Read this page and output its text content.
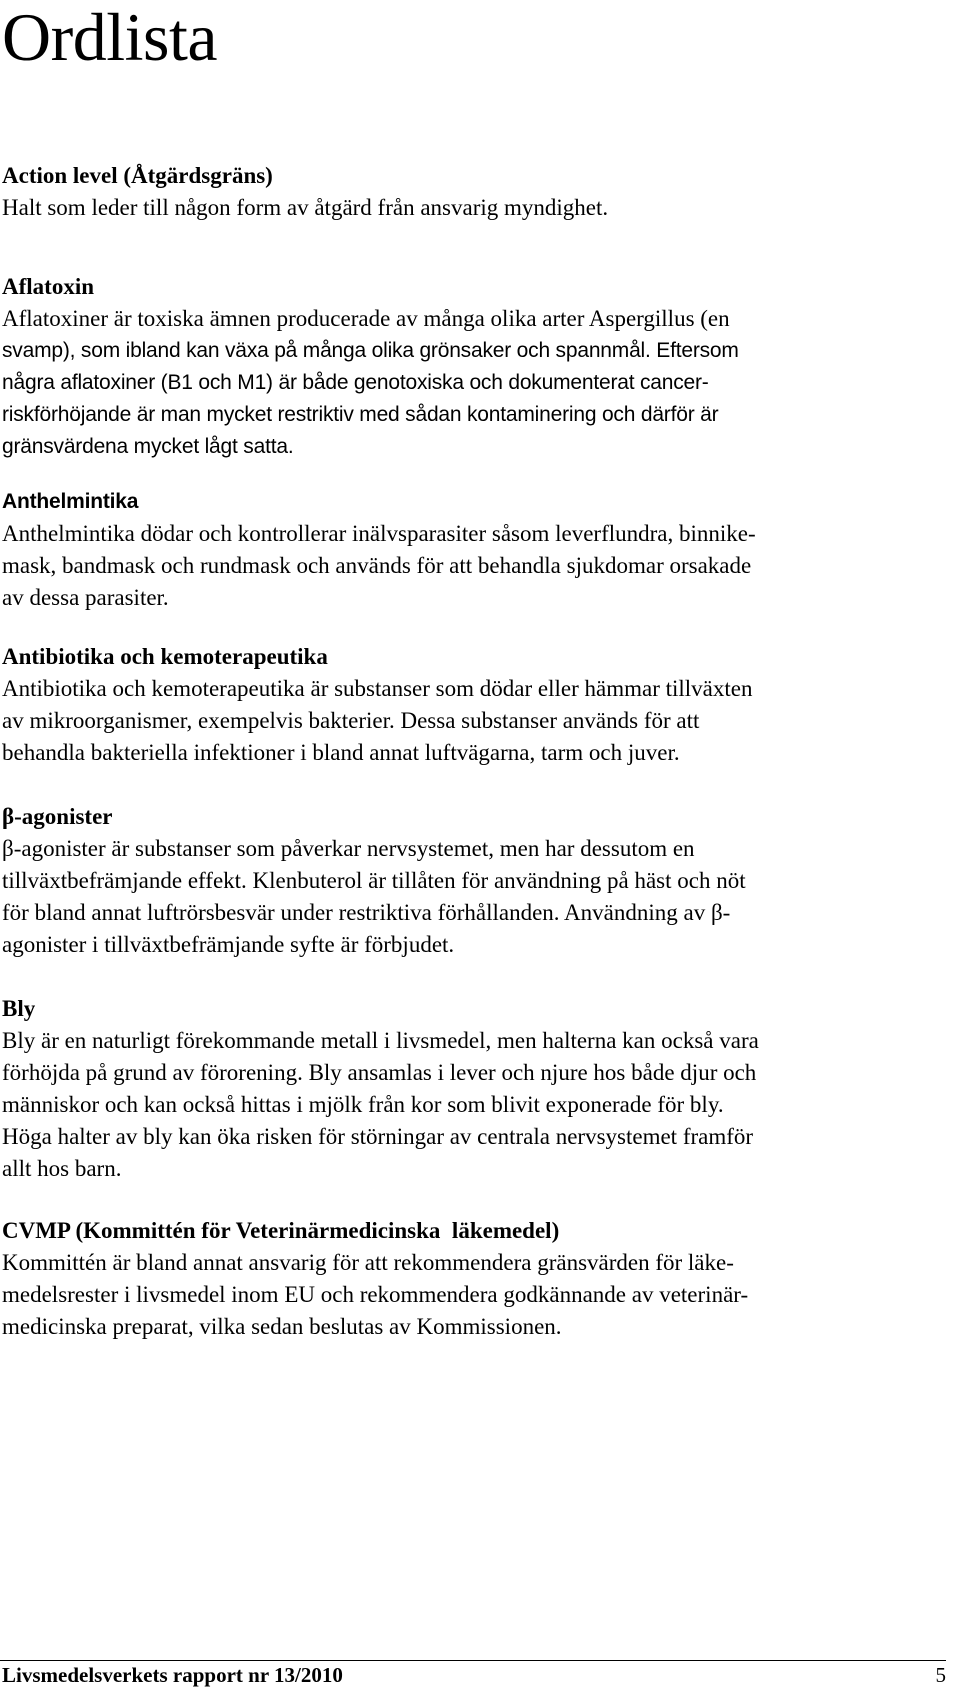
Ordlista
Action level (Åtgärdsgräns)
Halt som leder till någon form av åtgärd från ansvarig myndighet.
Aflatoxin
Aflatoxiner är toxiska ämnen producerade av många olika arter Aspergillus (en
svamp), som ibland kan växa på många olika grönsaker och spannmål. Eftersom
några aflatoxiner (B1 och M1) är både genotoxiska och dokumenterat cancer-
riskförhöjande är man mycket restriktiv med sådan kontaminering och därför är
gränsvärdena mycket lågt satta.
Anthelmintika
Anthelmintika dödar och kontrollerar inälvsparasiter såsom leverflundra, binnike-
mask, bandmask och rundmask och används för att behandla sjukdomar orsakade
av dessa parasiter.
Antibiotika och kemoterapeutika
Antibiotika och kemoterapeutika är substanser som dödar eller hämmar tillväxten
av mikroorganismer, exempelvis bakterier. Dessa substanser används för att
behandla bakteriella infektioner i bland annat luftvägarna, tarm och juver.
β-agonister
β-agonister är substanser som påverkar nervsystemet, men har dessutom en
tillväxtbefrämjande effekt. Klenbuterol är tillåten för användning på häst och nöt
för bland annat luftrörsbesvär under restriktiva förhållanden. Användning av β-
agonister i tillväxtbefrämjande syfte är förbjudet.
Bly
Bly är en naturligt förekommande metall i livsmedel, men halterna kan också vara
förhöjda på grund av förorening. Bly ansamlas i lever och njure hos både djur och
människor och kan också hittas i mjölk från kor som blivit exponerade för bly.
Höga halter av bly kan öka risken för störningar av centrala nervsystemet framför
allt hos barn.
CVMP (Kommittén för Veterinärmedicinska  läkemedel)
Kommittén är bland annat ansvarig för att rekommendera gränsvärden för läke-
medelsrester i livsmedel inom EU och rekommendera godkännande av veterinär-
medicinska preparat, vilka sedan beslutas av Kommissionen.
Livsmedelsverkets rapport nr 13/2010	5
